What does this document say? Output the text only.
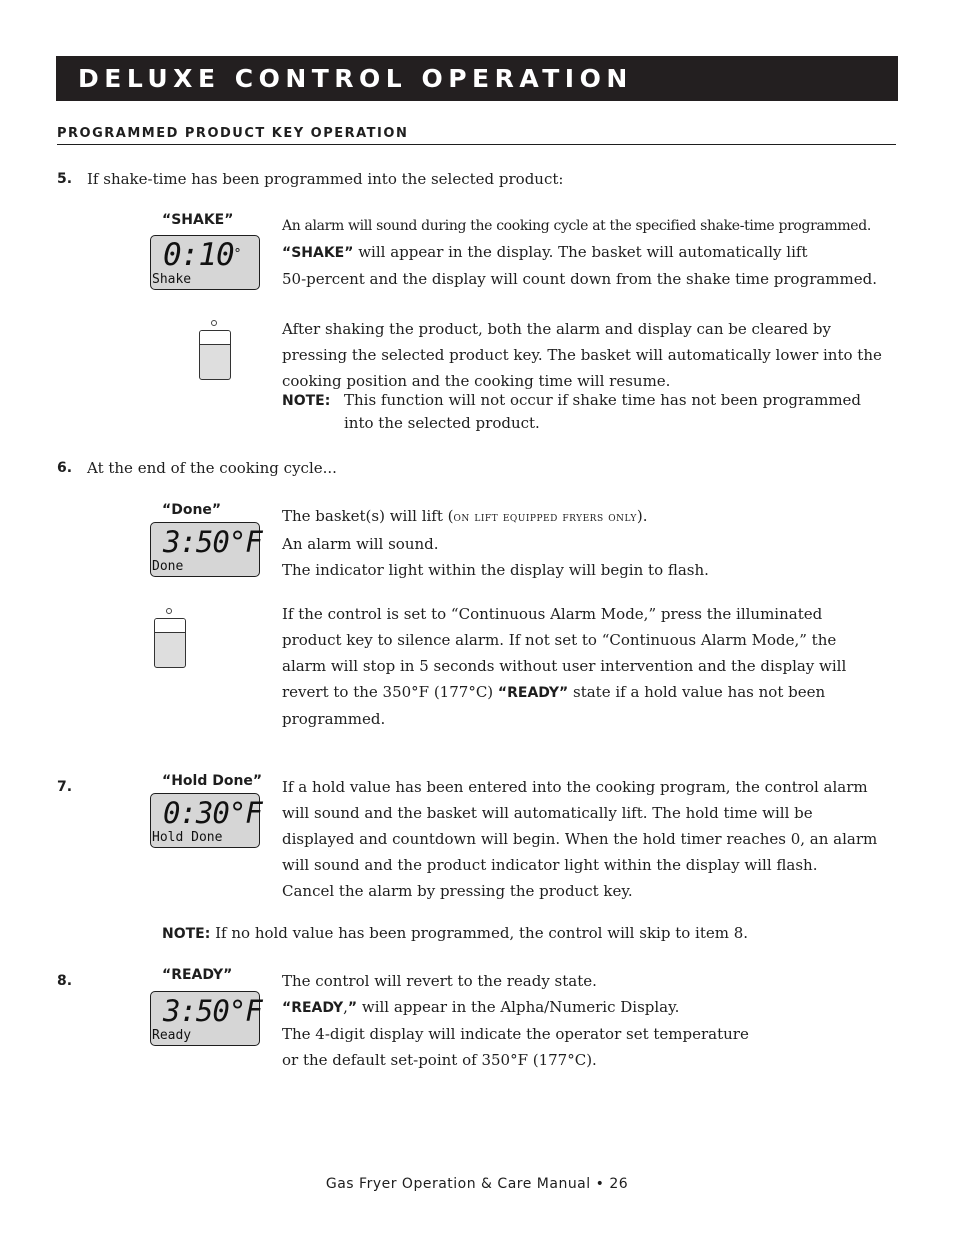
DELUXE CONTROL OPERATION
PROGRAMMED PRODUCT KEY OPERATION
5. If shake-time has been programmed into the selected product:
“SHAKE”
0:10°
Shake
An alarm will sound during the cooking cycle at the specified shake-time programmed.
“SHAKE” will appear in the display. The basket will automatically lift
50-percent and the display will count down from the shake time programmed.
After shaking the product, both the alarm and display can be cleared by
pressing the selected product key. The basket will automatically lower into the
cooking position and the cooking time will resume.
NOTE: This function will not occur if shake time has not been programmed
into the selected product.
6. At the end of the cooking cycle...
“Done”
3:50°F
Done
The basket(s) will lift (on lift equipped fryers only).
An alarm will sound.
The indicator light within the display will begin to flash.
If the control is set to “Continuous Alarm Mode,” press the illuminated
product key to silence alarm. If not set to “Continuous Alarm Mode,” the
alarm will stop in 5 seconds without user intervention and the display will
revert to the 350°F (177°C) “READY” state if a hold value has not been
programmed.
7.	“Hold Done”
0:30°F
Hold Done
If a hold value has been entered into the cooking program, the control alarm
will sound and the basket will automatically lift. The hold time will be
displayed and countdown will begin. When the hold timer reaches 0, an alarm
will sound and the product indicator light within the display will flash.
Cancel the alarm by pressing the product key.
NOTE: If no hold value has been programmed, the control will skip to item 8.
8.	“READY”
3:50°F
Ready
The control will revert to the ready state.
“READY,” will appear in the Alpha/Numeric Display.
The 4-digit display will indicate the operator set temperature
or the default set-point of 350°F (177°C).
Gas Fryer Operation & Care Manual • 26
